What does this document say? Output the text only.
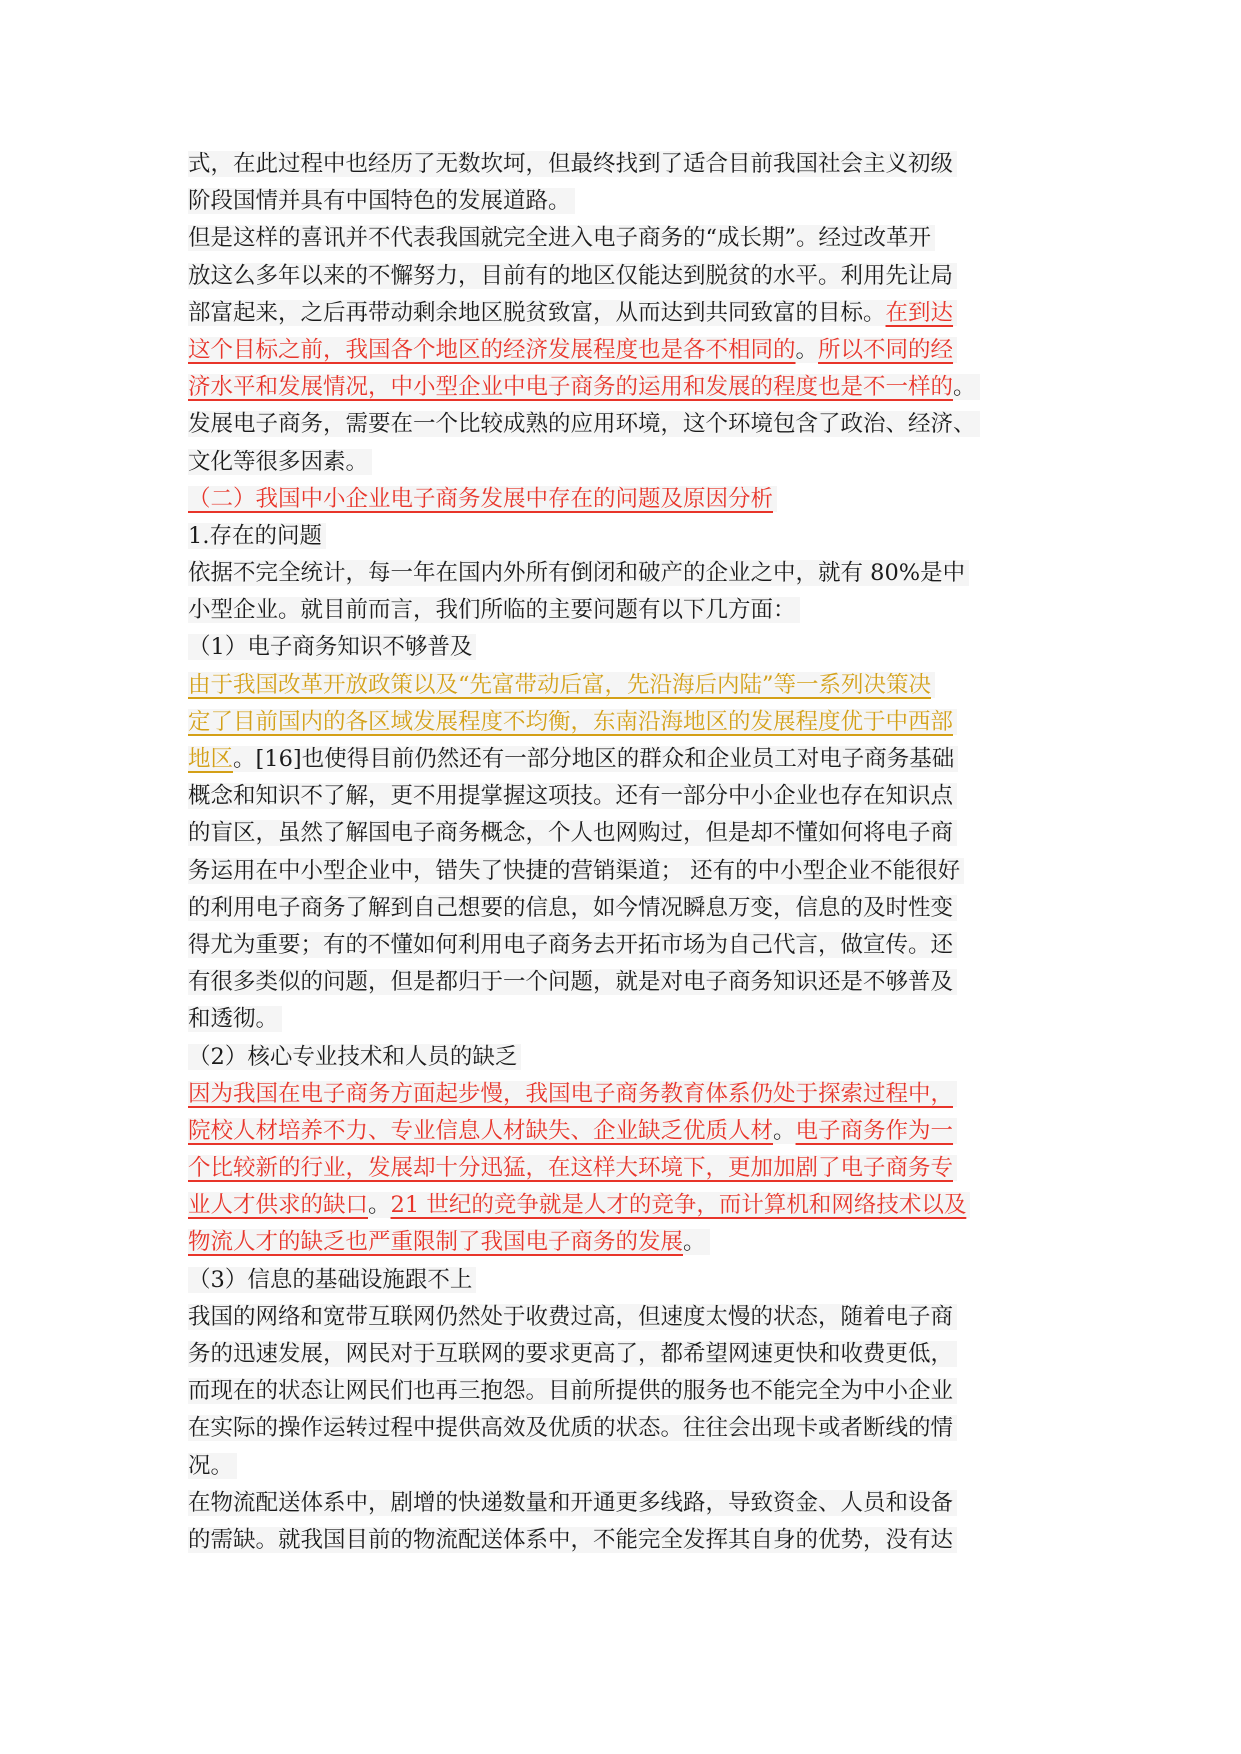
式，在此过程中也经历了无数坎坷，但最终找到了适合目前我国社会主义初级
阶段国情并具有中国特色的发展道路。
但是这样的喜讯并不代表我国就完全进入电子商务的“成长期”。经过改革开
放这么多年以来的不懈努力，目前有的地区仅能达到脱贫的水平。利用先让局
部富起来，之后再带动剩余地区脱贫致富，从而达到共同致富的目标。在到达
这个目标之前，我国各个地区的经济发展程度也是各不相同的。所以不同的经
济水平和发展情况，中小型企业中电子商务的运用和发展的程度也是不一样的。
发展电子商务，需要在一个比较成熟的应用环境，这个环境包含了政治、经济、
文化等很多因素。
（二）我国中小企业电子商务发展中存在的问题及原因分析
1.存在的问题
依据不完全统计，每一年在国内外所有倒闭和破产的企业之中，就有 80%是中
小型企业。就目前而言，我们所临的主要问题有以下几方面：
（1）电子商务知识不够普及
由于我国改革开放政策以及“先富带动后富，先沿海后内陆”等一系列决策决
定了目前国内的各区域发展程度不均衡，东南沿海地区的发展程度优于中西部
地区。[16]也使得目前仍然还有一部分地区的群众和企业员工对电子商务基础
概念和知识不了解，更不用提掌握这项技。还有一部分中小企业也存在知识点
的盲区，虽然了解国电子商务概念，个人也网购过，但是却不懂如何将电子商
务运用在中小型企业中，错失了快捷的营销渠道； 还有的中小型企业不能很好
的利用电子商务了解到自己想要的信息，如今情况瞬息万变，信息的及时性变
得尤为重要；有的不懂如何利用电子商务去开拓市场为自己代言，做宣传。还
有很多类似的问题，但是都归于一个问题，就是对电子商务知识还是不够普及
和透彻。
（2）核心专业技术和人员的缺乏
因为我国在电子商务方面起步慢，我国电子商务教育体系仍处于探索过程中，
院校人材培养不力、专业信息人材缺失、企业缺乏优质人材。电子商务作为一
个比较新的行业，发展却十分迅猛，在这样大环境下，更加加剧了电子商务专
业人才供求的缺口。21 世纪的竞争就是人才的竞争，而计算机和网络技术以及
物流人才的缺乏也严重限制了我国电子商务的发展。
（3）信息的基础设施跟不上
我国的网络和宽带互联网仍然处于收费过高，但速度太慢的状态，随着电子商
务的迅速发展，网民对于互联网的要求更高了，都希望网速更快和收费更低，
而现在的状态让网民们也再三抱怨。目前所提供的服务也不能完全为中小企业
在实际的操作运转过程中提供高效及优质的状态。往往会出现卡或者断线的情
况。
在物流配送体系中，剧增的快递数量和开通更多线路，导致资金、人员和设备
的需缺。就我国目前的物流配送体系中，不能完全发挥其自身的优势，没有达
